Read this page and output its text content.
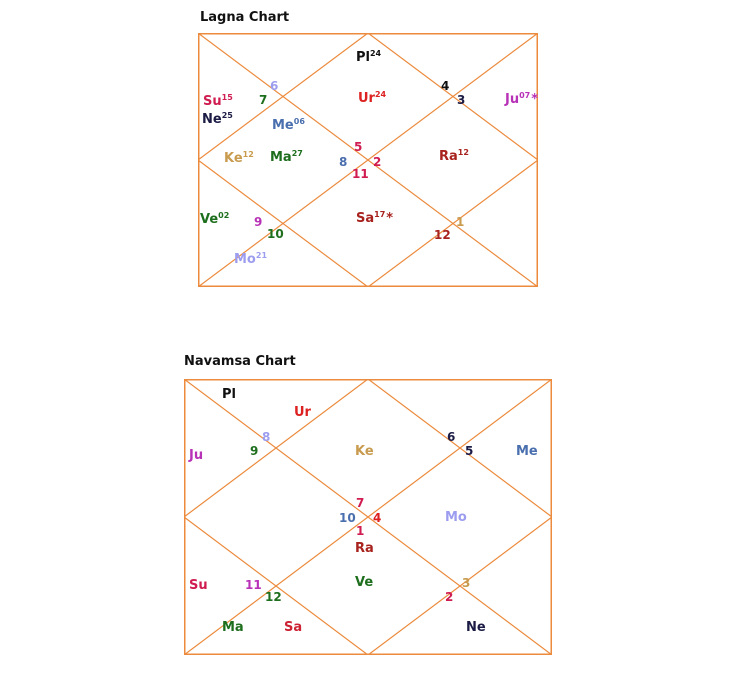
Lagna Chart
Pl$^{24}$
Ur$^{24}$
Su$^{15}$
Ne$^{25}$
Ju$^{07}$*
Me$^{06}$
Ke$^{12}$ Ma$^{27}$	Ra$^{12}$
Ve$^{02}$	Sa$^{17}$*
Mo$^{21}$
6
7
4
3
5
8 2
11
9
10
1
12
Navamsa Chart
Pl
Ur
Ju	Ke	Me
Mo
Ra
Ve
Su
Ma	Sa	Ne
8
9
6
5
7
10 4
1
11
12
3
2
